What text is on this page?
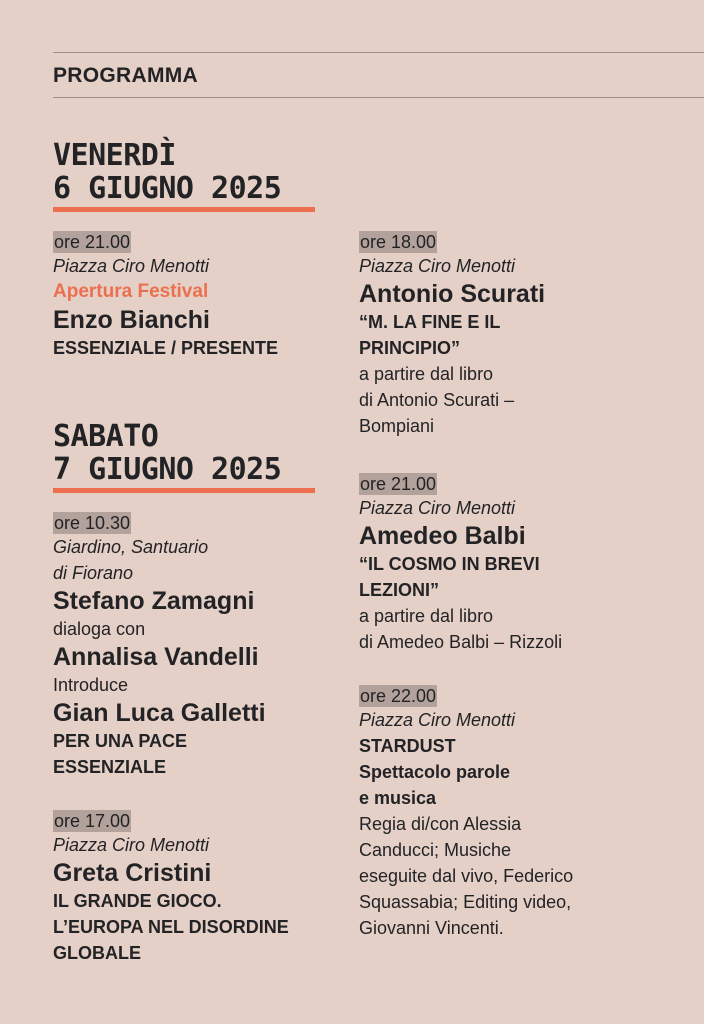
PROGRAMMA
VENERDÌ
6 GIUGNO 2025
ore 21.00
Piazza Ciro Menotti
Apertura Festival
Enzo Bianchi
ESSENZIALE / PRESENTE
SABATO
7 GIUGNO 2025
ore 10.30
Giardino, Santuario
di Fiorano
Stefano Zamagni
dialoga con
Annalisa Vandelli
Introduce
Gian Luca Galletti
PER UNA PACE
ESSENZIALE
ore 17.00
Piazza Ciro Menotti
Greta Cristini
IL GRANDE GIOCO.
L’EUROPA NEL DISORDINE
GLOBALE
ore 18.00
Piazza Ciro Menotti
Antonio Scurati
“M. LA FINE E IL
PRINCIPIO”
a partire dal libro
di Antonio Scurati –
Bompiani
ore 21.00
Piazza Ciro Menotti
Amedeo Balbi
“IL COSMO IN BREVI
LEZIONI”
a partire dal libro
di Amedeo Balbi – Rizzoli
ore 22.00
Piazza Ciro Menotti
STARDUST
Spettacolo parole
e musica
Regia di/con Alessia
Canducci; Musiche
eseguite dal vivo, Federico
Squassabia; Editing video,
Giovanni Vincenti.
